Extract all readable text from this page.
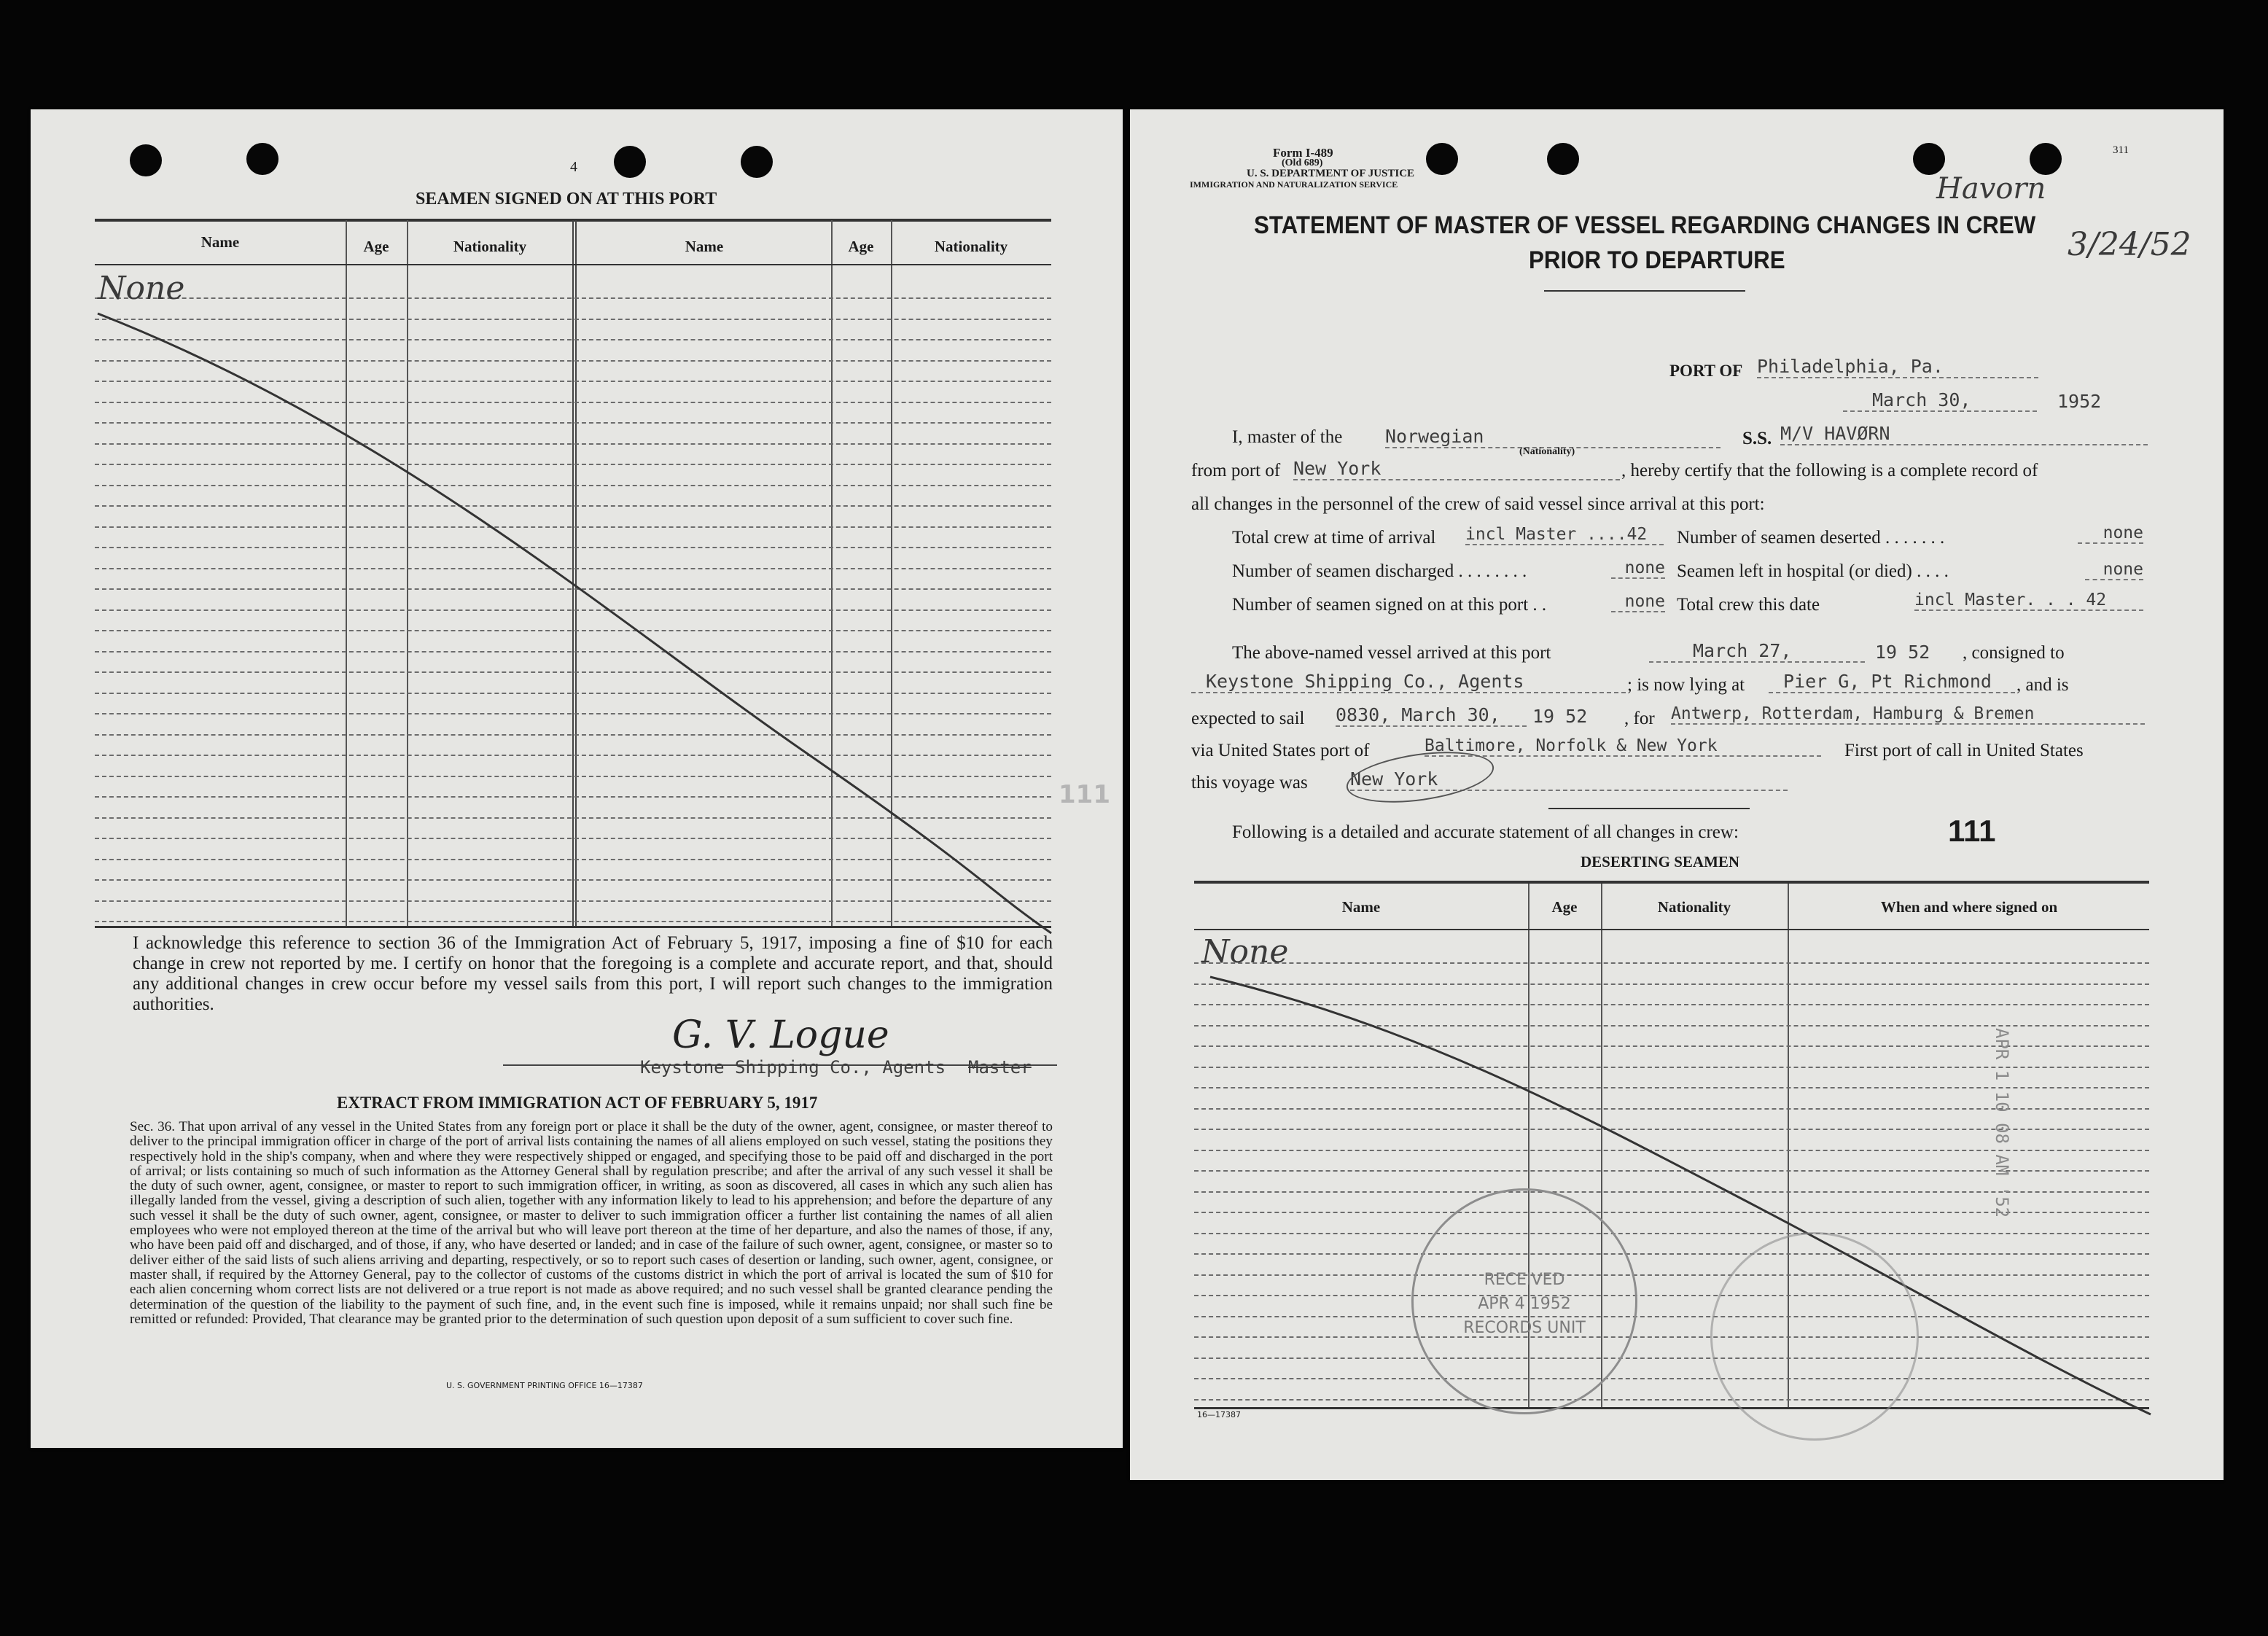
4
SEAMEN SIGNED ON AT THIS PORT
Name	Age	Nationality	Name	Age	Nationality
None
111
I acknowledge this reference to section 36 of the Immigration Act of February 5, 1917, imposing a fine of $10 for each change in crew not reported by me. I certify on honor that the foregoing is a complete and accurate report, and that, should any additional changes in crew occur before my vessel sails from this port, I will report such changes to the immigration authorities.
G. V. Logue
Keystone Shipping Co., Agents Master
EXTRACT FROM IMMIGRATION ACT OF FEBRUARY 5, 1917
Sec. 36. That upon arrival of any vessel in the United States from any foreign port or place it shall be the duty of the owner, agent, consignee, or master thereof to deliver to the principal immigration officer in charge of the port of arrival lists containing the names of all aliens employed on such vessel, stating the positions they respectively hold in the ship's company, when and where they were respectively shipped or engaged, and specifying those to be paid off and discharged in the port of arrival; or lists containing so much of such information as the Attorney General shall by regulation prescribe; and after the arrival of any such vessel it shall be the duty of such owner, agent, consignee, or master to report to such immigration officer, in writing, as soon as discovered, all cases in which any such alien has illegally landed from the vessel, giving a description of such alien, together with any information likely to lead to his apprehension; and before the departure of any such vessel it shall be the duty of such owner, agent, consignee, or master to deliver to such immigration officer a further list containing the names of all alien employees who were not employed thereon at the time of the arrival but who will leave port thereon at the time of her departure, and also the names of those, if any, who have been paid off and discharged, and of those, if any, who have deserted or landed; and in case of the failure of such owner, agent, consignee, or master so to deliver either of the said lists of such aliens arriving and departing, respectively, or so to report such cases of desertion or landing, such owner, agent, consignee, or master shall, if required by the Attorney General, pay to the collector of customs of the customs district in which the port of arrival is located the sum of $10 for each alien concerning whom correct lists are not delivered or a true report is not made as above required; and no such vessel shall be granted clearance pending the determination of the question of the liability to the payment of such fine, and, in the event such fine is imposed, while it remains unpaid; nor shall such fine be remitted or refunded: Provided, That clearance may be granted prior to the determination of such question upon deposit of a sum sufficient to cover such fine.
U. S. GOVERNMENT PRINTING OFFICE 16—17387
Form I-489
(Old 689)
U. S. DEPARTMENT OF JUSTICE
IMMIGRATION AND NATURALIZATION SERVICE
311
Havorn
3/24/52
STATEMENT OF MASTER OF VESSEL REGARDING CHANGES IN CREW
PRIOR TO DEPARTURE
PORT OF Philadelphia, Pa.
March 30,	1952
I, master of the Norwegian
(Nationality)
S.S. M/V HAVØRN
from port of New York	, hereby certify that the following is a complete record of
all changes in the personnel of the crew of said vessel since arrival at this port:
Total crew at time of arrival incl Master ....42	Number of seamen deserted . . . . . . .	none
Number of seamen discharged . . . . . . . .	none Seamen left in hospital (or died) . . . .	none
Number of seamen signed on at this port . .	none Total crew this date	incl Master. . . 42
The above-named vessel arrived at this port	March 27,	19 52 , consigned to
Keystone Shipping Co., Agents	; is now lying at	Pier G, Pt Richmond	, and is
expected to sail 0830, March 30,	19 52 , for Antwerp, Rotterdam, Hamburg & Bremen
via United States port of	Baltimore, Norfolk & New York	First port of call in United States
this voyage was New York
Following is a detailed and accurate statement of all changes in crew:	111
DESERTING SEAMEN
Name	Age	Nationality	When and where signed on
None
RECEIVED
APR 4 1952
RECORDS UNIT
APR 1 10 08 AM '52
16—17387
